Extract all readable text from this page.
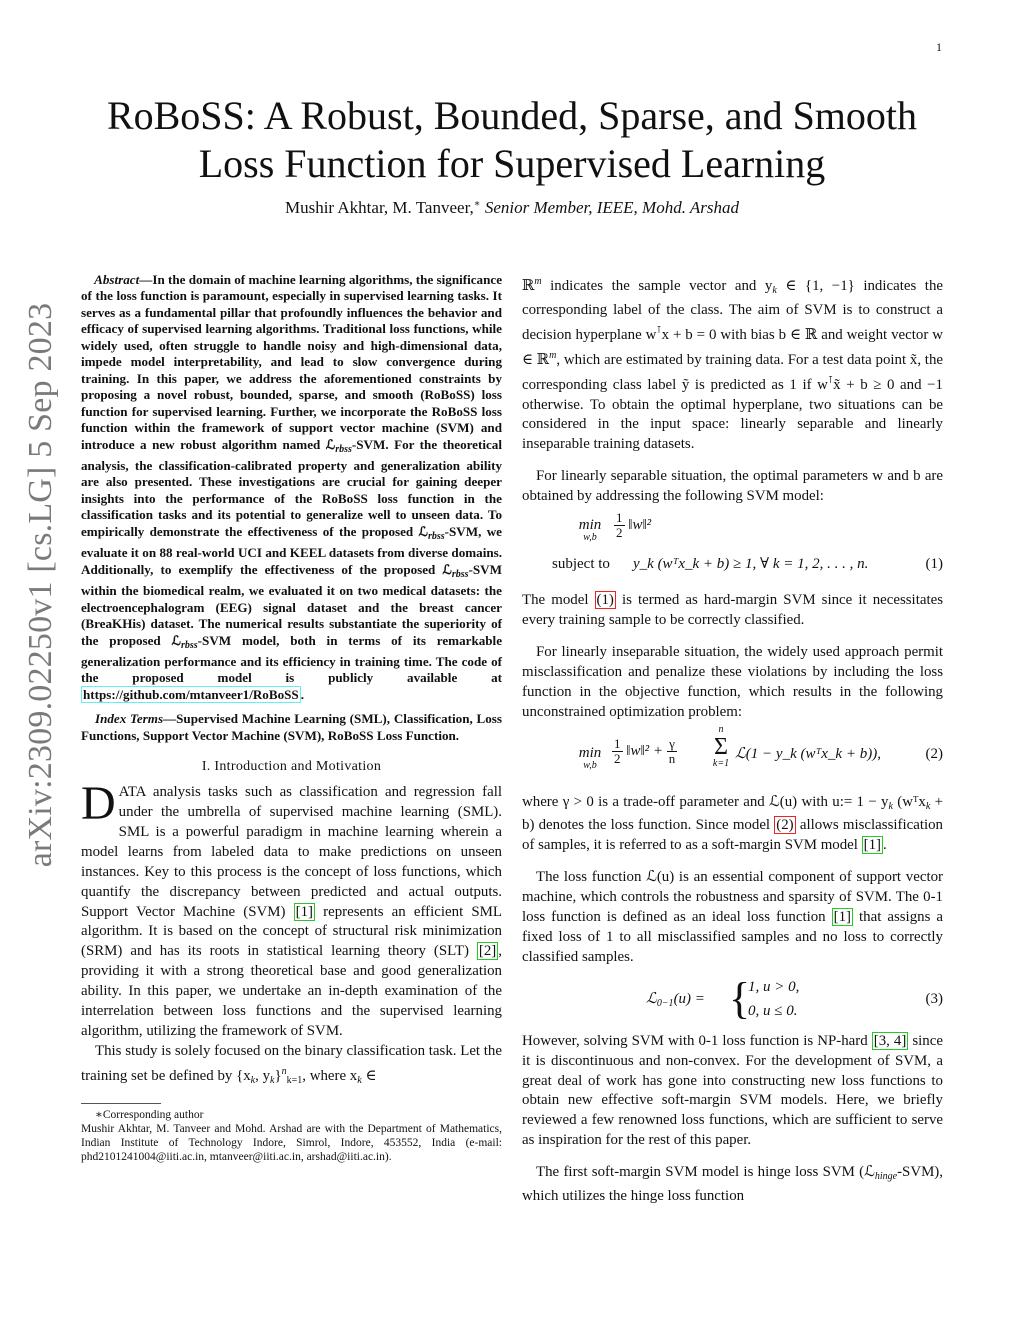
1
arXiv:2309.02250v1 [cs.LG] 5 Sep 2023
RoBoSS: A Robust, Bounded, Sparse, and Smooth
Loss Function for Supervised Learning
Mushir Akhtar, M. Tanveer,∗ Senior Member, IEEE, Mohd. Arshad

Abstract—In the domain of machine learning algorithms, the significance of the loss function is paramount, especially in supervised learning tasks. It serves as a fundamental pillar that profoundly influences the behavior and efficacy of supervised learning algorithms. Traditional loss functions, while widely used, often struggle to handle noisy and high-dimensional data, impede model interpretability, and lead to slow convergence during training. In this paper, we address the aforementioned constraints by proposing a novel robust, bounded, sparse, and smooth (RoBoSS) loss function for supervised learning. Further, we incorporate the RoBoSS loss function within the framework of support vector machine (SVM) and introduce a new robust algorithm named ℒ$_{rbss}$-SVM. For the theoretical analysis, the classification-calibrated property and generalization ability are also presented. These investigations are crucial for gaining deeper insights into the performance of the RoBoSS loss function in the classification tasks and its potential to generalize well to unseen data. To empirically demonstrate the effectiveness of the proposed ℒ$_{rbss}$-SVM, we evaluate it on 88 real-world UCI and KEEL datasets from diverse domains. Additionally, to exemplify the effectiveness of the proposed ℒ$_{rbss}$-SVM within the biomedical realm, we evaluated it on two medical datasets: the electroencephalogram (EEG) signal dataset and the breast cancer (BreaKHis) dataset. The numerical results substantiate the superiority of the proposed ℒ$_{rbss}$-SVM model, both in terms of its remarkable generalization performance and its efficiency in training time. The code of the proposed model is publicly available at https://github.com/mtanveer1/RoBoSS .

Index Terms—Supervised Machine Learning (SML), Classification, Loss Functions, Support Vector Machine (SVM), RoBoSS Loss Function.

I. Introduction and Motivation

DATA analysis tasks such as classification and regression fall under the umbrella of supervised machine learning (SML). SML is a powerful paradigm in machine learning wherein a model learns from labeled data to make predictions on unseen instances. Key to this process is the concept of loss functions, which quantify the discrepancy between predicted and actual outputs. Support Vector Machine (SVM) [1] represents an efficient SML algorithm. It is based on the concept of structural risk minimization (SRM) and has its roots in statistical learning theory (SLT) [2] , providing it with a strong theoretical base and good generalization ability. In this paper, we undertake an in-depth examination of the interrelation between loss functions and the supervised learning algorithm, utilizing the framework of SVM.

This study is solely focused on the binary classification task. Let the training set be defined by {$x_k$, $y_k\}^n_{k=1}$, where $x_k$ ∈

∗Corresponding author

Mushir Akhtar, M. Tanveer and Mohd. Arshad are with the Department of Mathematics, Indian Institute of Technology Indore, Simrol, Indore, 453552, India (e-mail: phd2101241004@iiti.ac.in, mtanveer@iiti.ac.in, arshad@iiti.ac.in).

ℝ$^m$ indicates the sample vector and $y_k$ ∈ {1, −1} indicates the corresponding label of the class. The aim of SVM is to construct a decision hyperplane w⊺x + b = 0 with bias b ∈ ℝ and weight vector w ∈ ℝ$^m$, which are estimated by training data. For a test data point x̃, the corresponding class label ỹ is predicted as 1 if w⊺x̃ + b ≥ 0 and −1 otherwise. To obtain the optimal hyperplane, two situations can be considered in the input space: linearly separable and linearly inseparable training datasets.

For linearly separable situation, the optimal parameters w and b are obtained by addressing the following SVM model:

min
w,b	$\frac{1}{2}$ ‖w‖²
subject to y_k (wᵀx_k + b) ≥ 1, ∀ k = 1, 2, . . . , n.	(1)

The model (1) is termed as hard-margin SVM since it necessitates every training sample to be correctly classified.

For linearly inseparable situation, the widely used approach permit misclassification and penalize these violations by including the loss function in the objective function, which results in the following unconstrained optimization problem:

min
w,b	$\frac{1}{2}$ ‖w‖² + $\frac{\gamma}{n}$
n
Σ
k=1
ℒ(1 − y_k (wᵀx_k + b)),	(2)

where γ > 0 is a trade-off parameter and ℒ(u) with u:= $1 - y_k$ (wᵀx$_k$ + b) denotes the loss function. Since model (2) allows misclassification of samples, it is referred to as a soft-margin SVM model [1] .

The loss function ℒ(u) is an essential component of support vector machine, which controls the robustness and sparsity of SVM. The 0-1 loss function is defined as an ideal loss function [1] that assigns a fixed loss of 1 to all misclassified samples and no loss to correctly classified samples.

ℒ$_{0-1}$(u) = {
1, u > 0,
0, u ≤ 0.
(3)

However, solving SVM with 0-1 loss function is NP-hard [3, 4] since it is discontinuous and non-convex. For the development of SVM, a great deal of work has gone into constructing new loss functions to obtain new effective soft-margin SVM models. Here, we briefly reviewed a few renowned loss functions, which are sufficient to serve as inspiration for the rest of this paper.

The first soft-margin SVM model is hinge loss SVM (ℒ$_{hinge}$-SVM), which utilizes the hinge loss function
